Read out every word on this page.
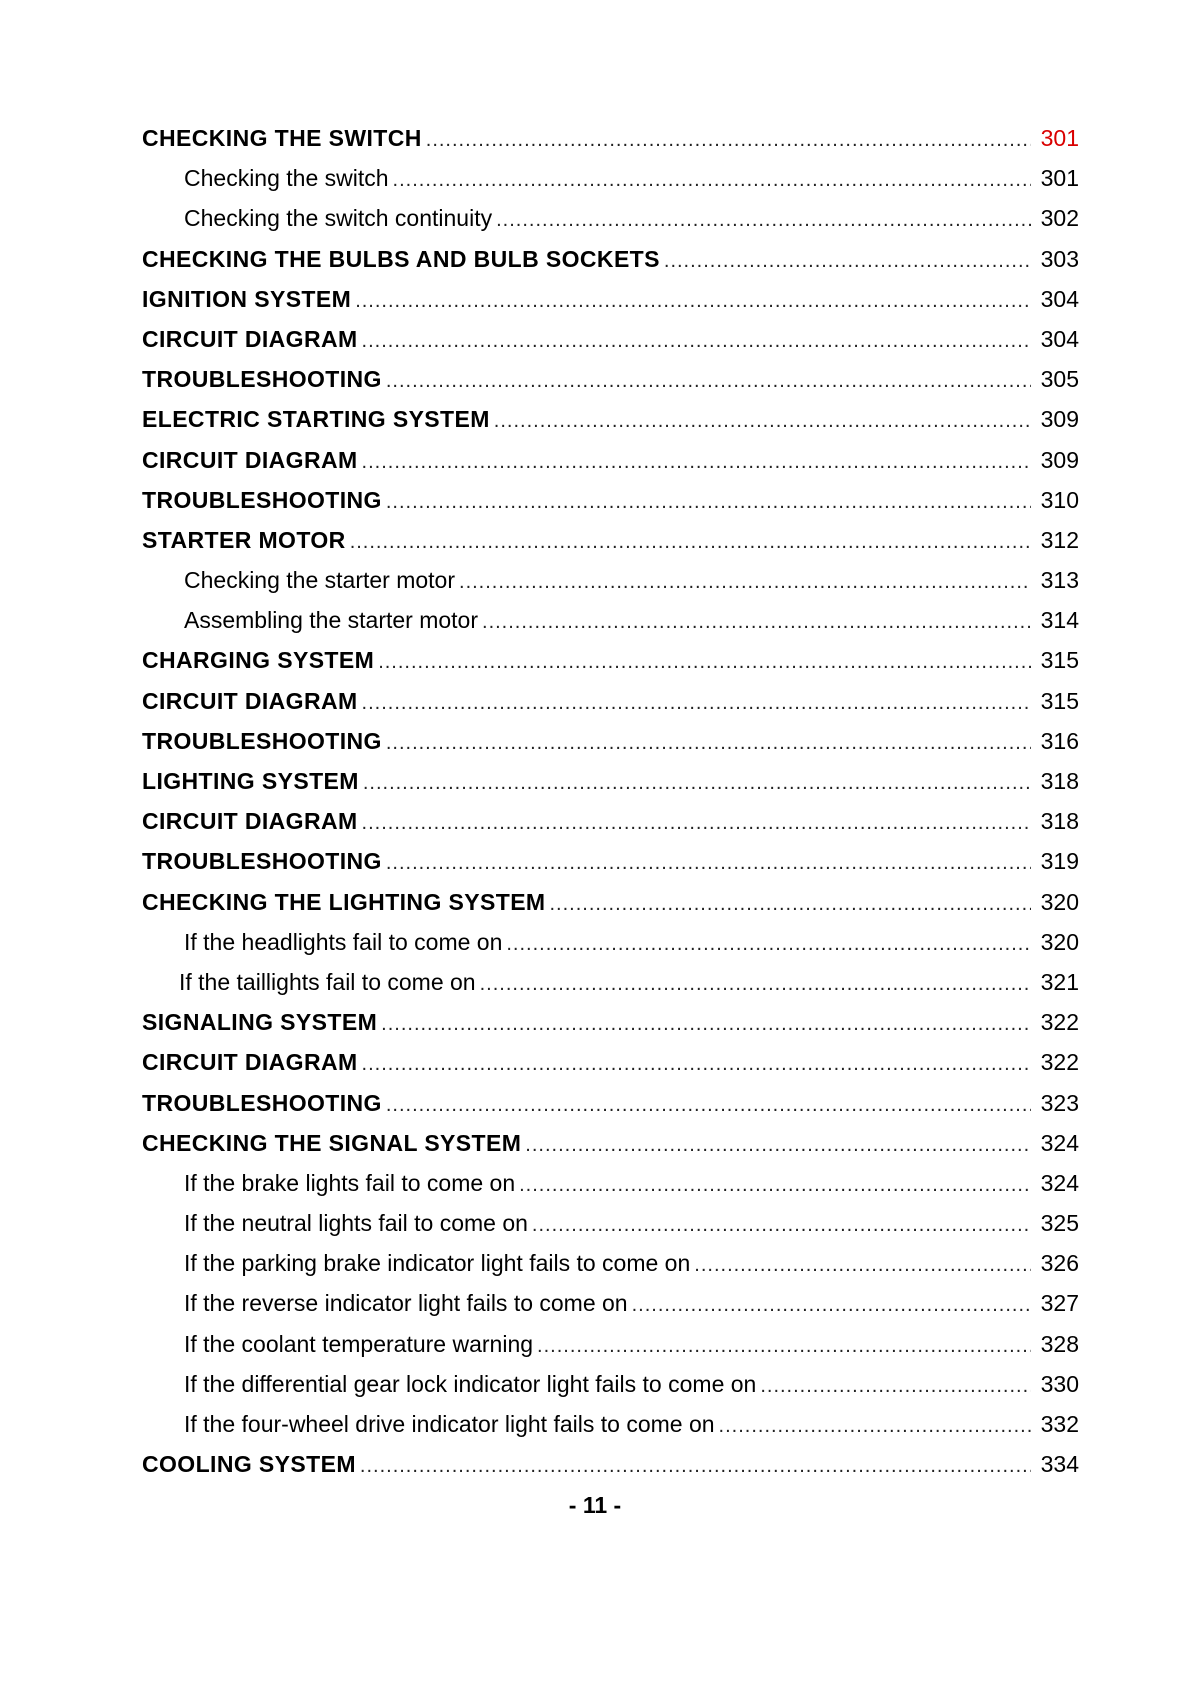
CHECKING THE SWITCH .....	301
Checking the switch .....	301
Checking the switch continuity .....	302
CHECKING THE BULBS AND BULB SOCKETS .....	303
IGNITION SYSTEM .....	304
CIRCUIT DIAGRAM .....	304
TROUBLESHOOTING .....	305
ELECTRIC STARTING SYSTEM .....	309
CIRCUIT DIAGRAM .....	309
TROUBLESHOOTING .....	310
STARTER MOTOR .....	312
Checking the starter motor .....	313
Assembling the starter motor .....	314
CHARGING SYSTEM .....	315
CIRCUIT DIAGRAM .....	315
TROUBLESHOOTING .....	316
LIGHTING SYSTEM .....	318
CIRCUIT DIAGRAM .....	318
TROUBLESHOOTING .....	319
CHECKING THE LIGHTING SYSTEM .....	320
If the headlights fail to come on .....	320
If the taillights fail to come on .....	321
SIGNALING SYSTEM .....	322
CIRCUIT DIAGRAM .....	322
TROUBLESHOOTING .....	323
CHECKING THE SIGNAL SYSTEM .....	324
If the brake lights fail to come on .....	324
If the neutral lights fail to come on .....	325
If the parking brake indicator light fails to come on .....	326
If the reverse indicator light fails to come on .....	327
If the coolant temperature warning .....	328
If the differential gear lock indicator light fails to come on .....	330
If the four-wheel drive indicator light fails to come on .....	332
COOLING SYSTEM .....	334
- 11 -
